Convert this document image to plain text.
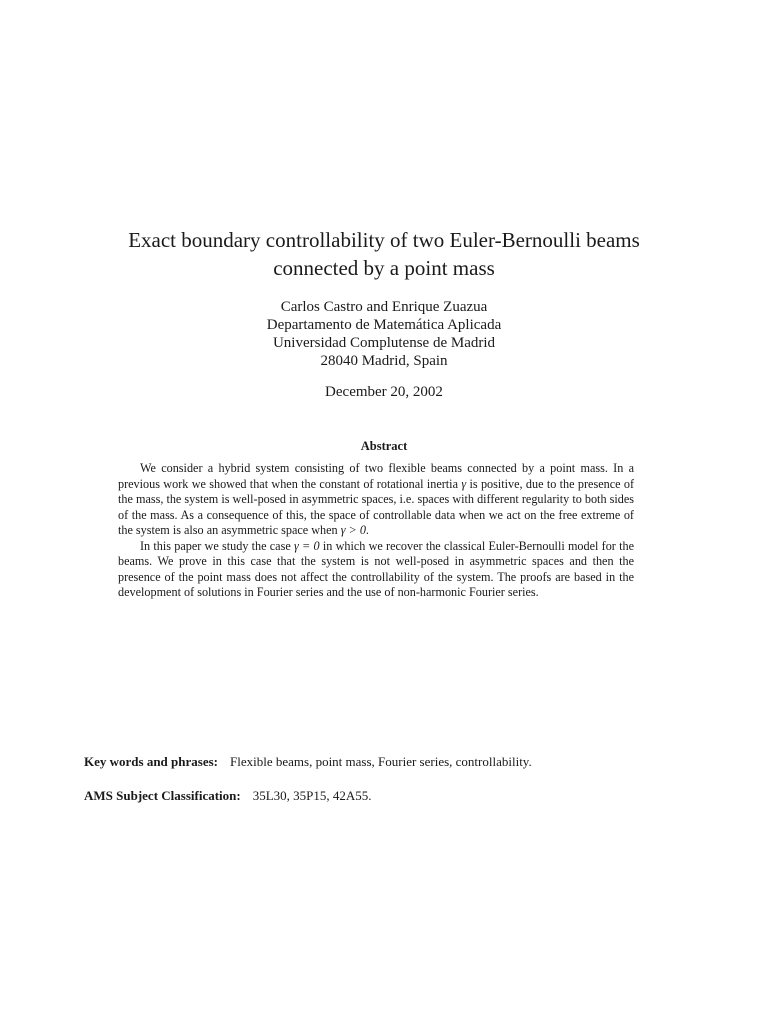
Exact boundary controllability of two Euler-Bernoulli beams
connected by a point mass
Carlos Castro and Enrique Zuazua
Departamento de Matemática Aplicada
Universidad Complutense de Madrid
28040 Madrid, Spain
December 20, 2002
Abstract

We consider a hybrid system consisting of two flexible beams connected by a point mass. In a previous work we showed that when the constant of rotational inertia γ is positive, due to the presence of the mass, the system is well-posed in asymmetric spaces, i.e. spaces with different regularity to both sides of the mass. As a consequence of this, the space of controllable data when we act on the free extreme of the system is also an asymmetric space when γ > 0.

In this paper we study the case γ = 0 in which we recover the classical Euler-Bernoulli model for the beams. We prove in this case that the system is not well-posed in asymmetric spaces and then the presence of the point mass does not affect the controllability of the system. The proofs are based in the development of solutions in Fourier series and the use of non-harmonic Fourier series.

Key words and phrases: Flexible beams, point mass, Fourier series, controllability.
AMS Subject Classification: 35L30, 35P15, 42A55.
